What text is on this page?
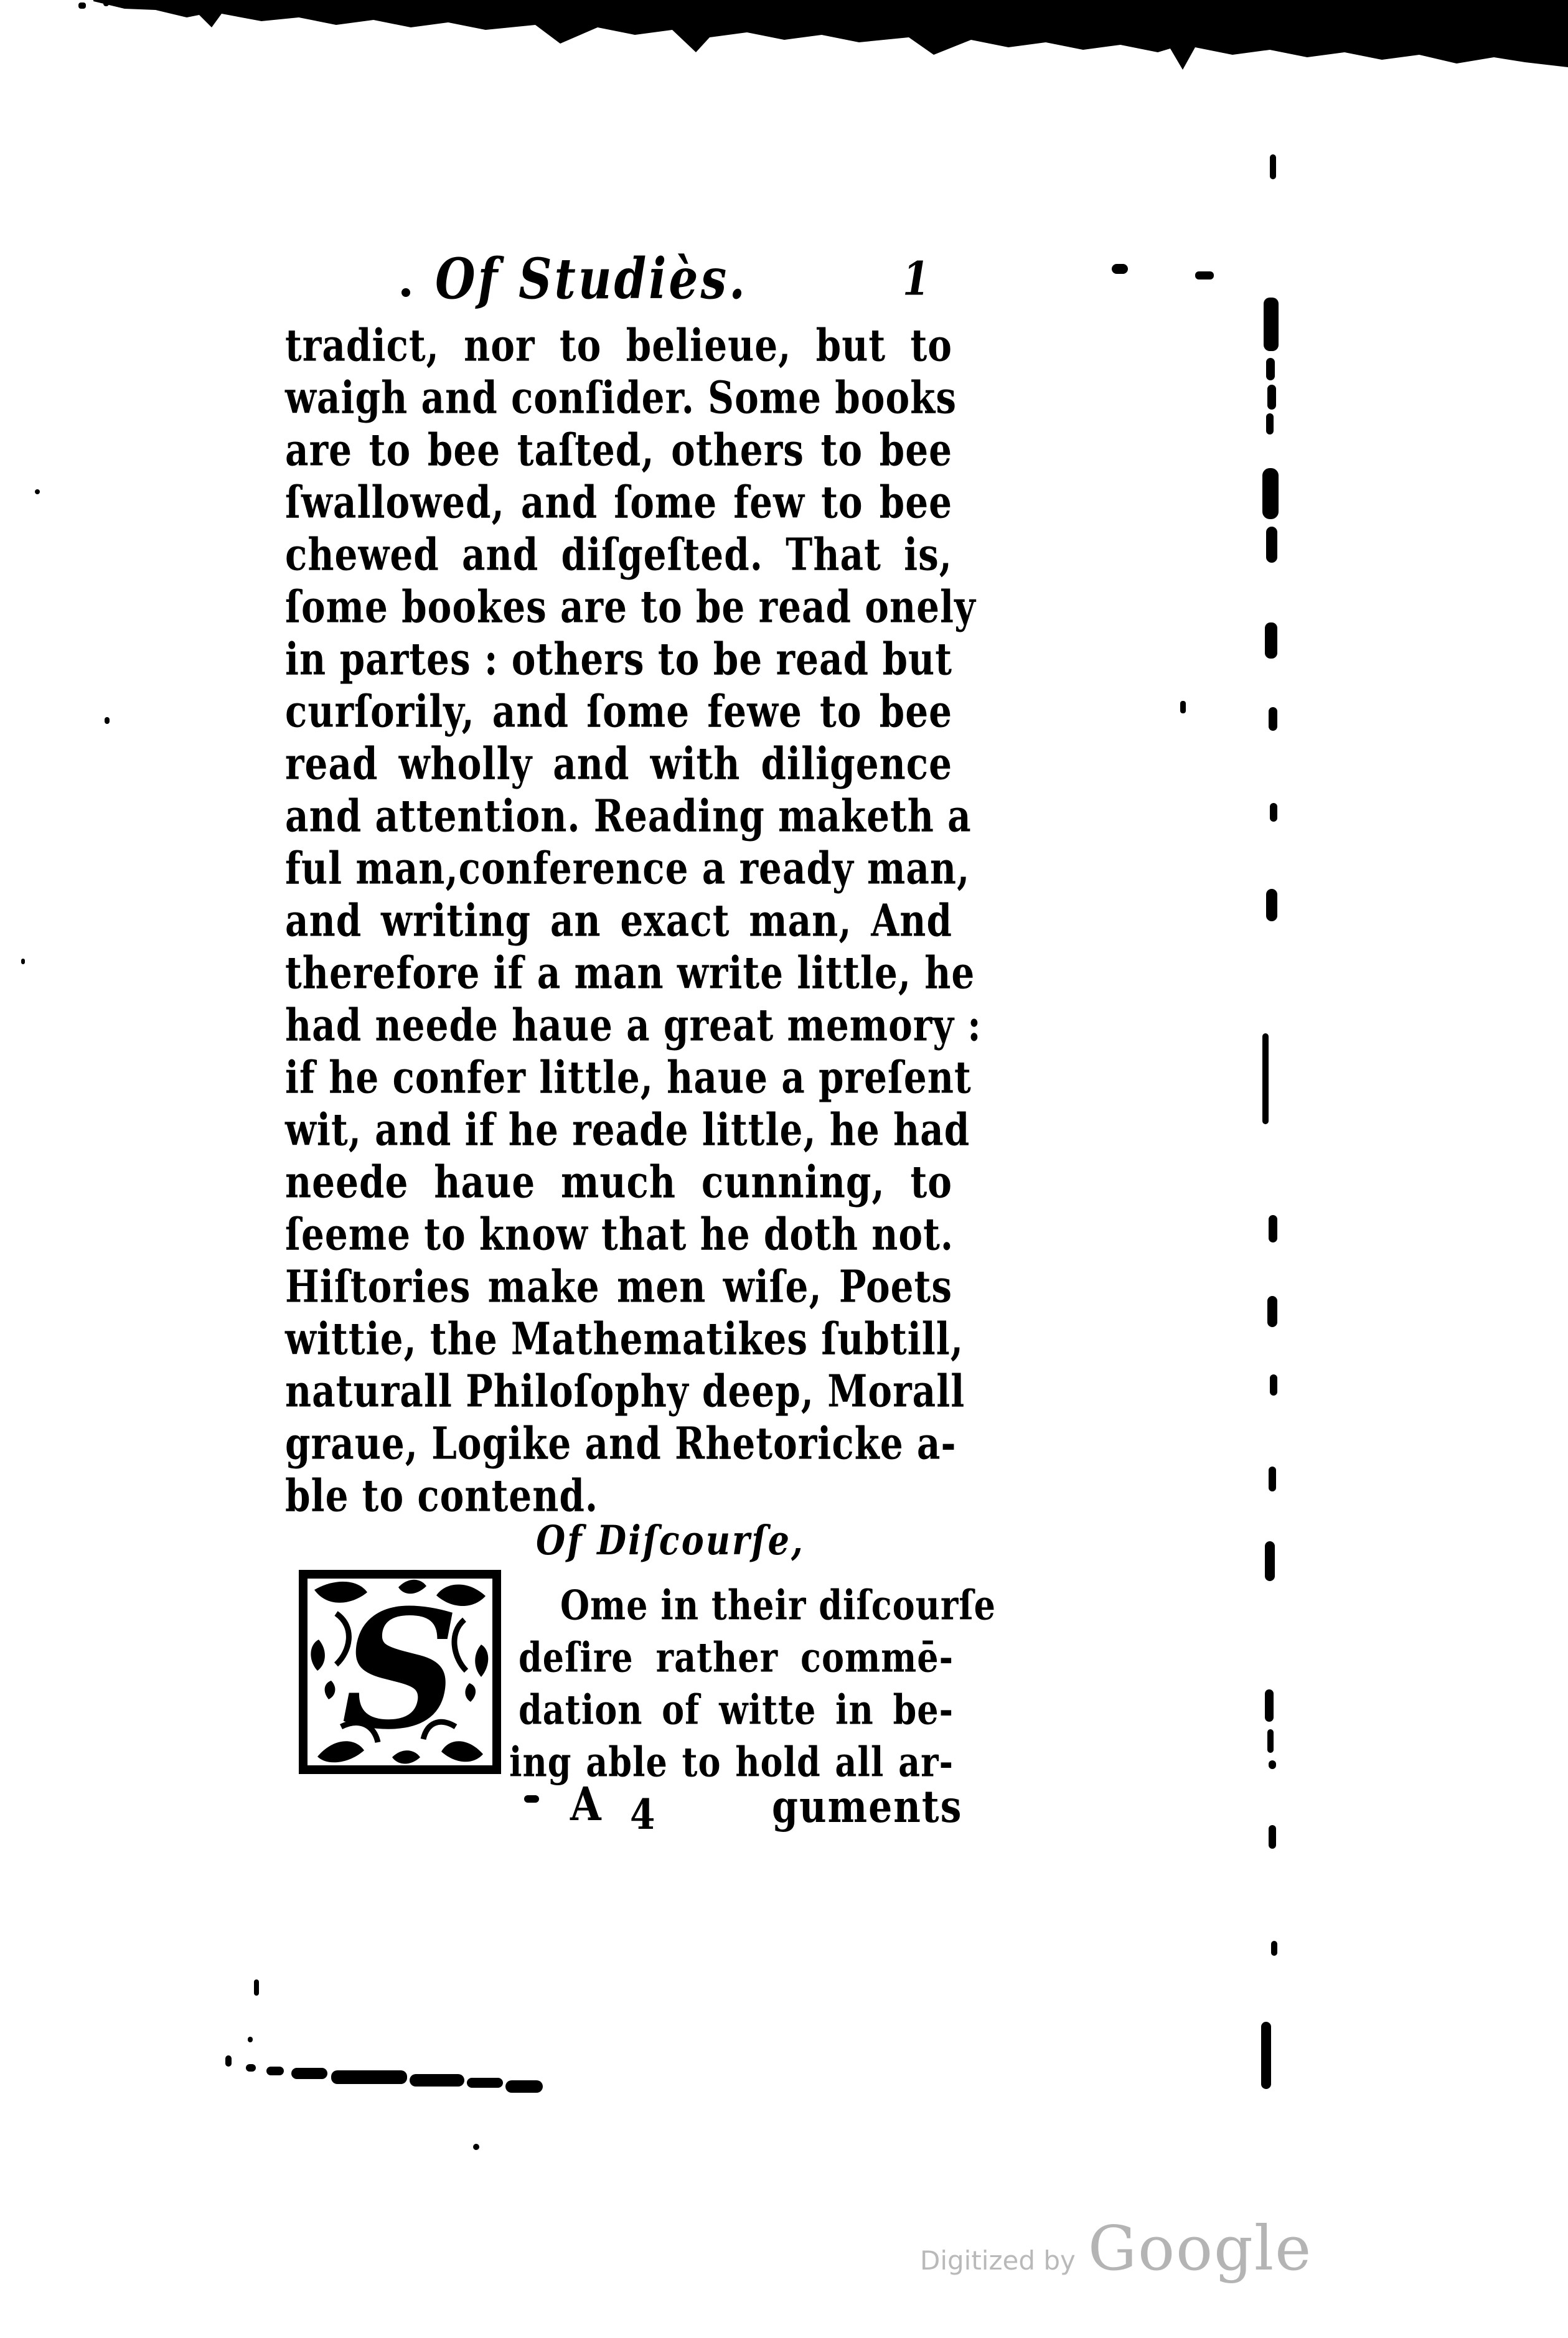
Of Studiès.	1
tradict, nor to belieue, but to
waigh and conſider. Some books
are to bee taſted, others to bee
ſwallowed, and ſome few to bee
chewed and diſgeſted. That is,
ſome bookes are to be read onely
in partes : others to be read but
curſorily, and ſome fewe to bee
read wholly and with diligence
and attention. Reading maketh a
ful man,conference a ready man,
and writing an exact man, And
therefore if a man write little, he
had neede haue a great memory :
if he confer little, haue a preſent
wit, and if he reade little, he had
neede haue much cunning, to
ſeeme to know that he doth not.
Hiſtories make men wiſe, Poets
wittie, the Mathematikes ſubtill,
naturall Philoſophy deep, Morall
graue, Logike and Rhetoricke a-
ble to contend.
Of Diſcourſe,
S	Ome in their diſcourſe
deſire rather commē-
dation of witte in be-
ing able to hold all ar-
A 4	guments
Digitized by Google
